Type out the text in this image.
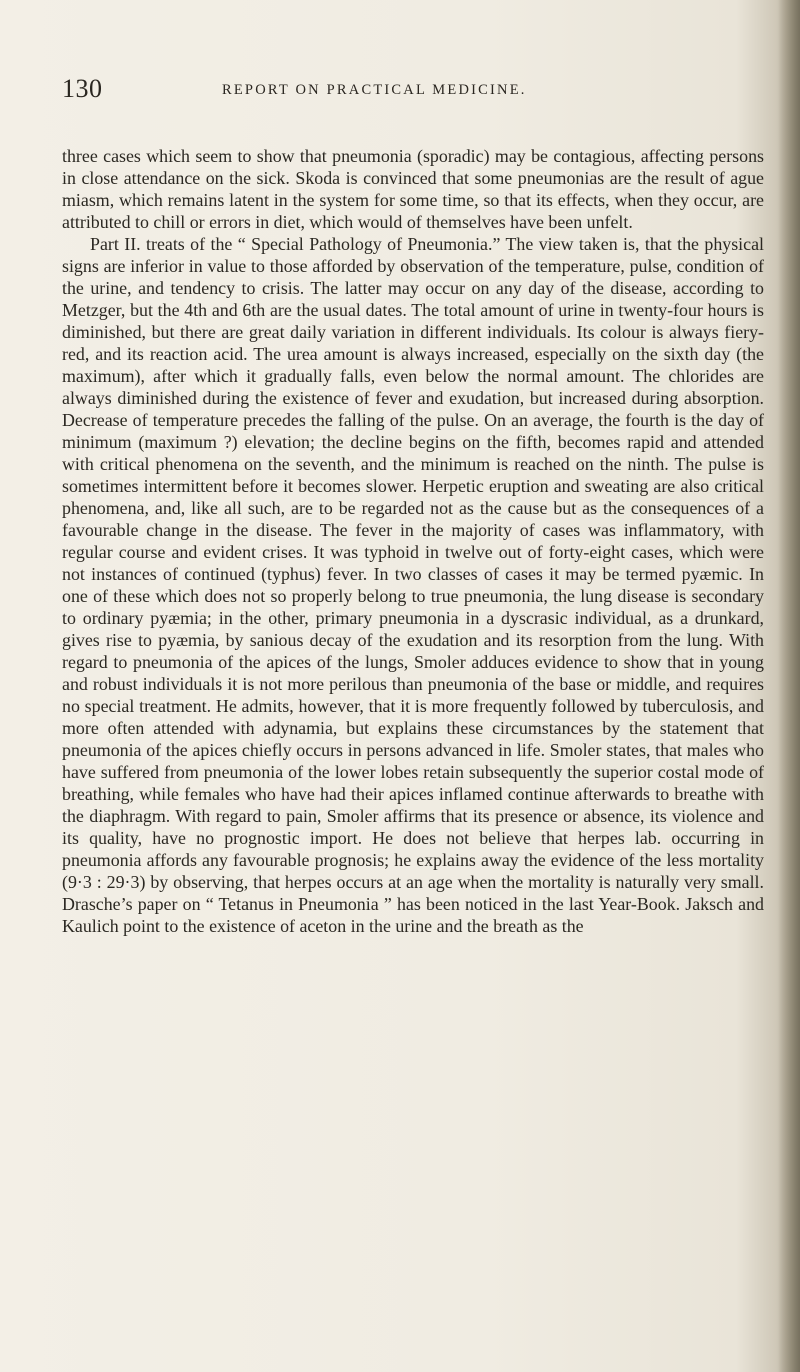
130	REPORT ON PRACTICAL MEDICINE.

three cases which seem to show that pneumonia (sporadic) may be contagious, affecting persons in close attendance on the sick. Skoda is convinced that some pneumonias are the result of ague miasm, which remains latent in the system for some time, so that its effects, when they occur, are attributed to chill or errors in diet, which would of themselves have been unfelt.

Part II. treats of the “ Special Pathology of Pneumonia.” The view taken is, that the physical signs are inferior in value to those afforded by observation of the temperature, pulse, condition of the urine, and tendency to crisis. The latter may occur on any day of the disease, according to Metzger, but the 4th and 6th are the usual dates. The total amount of urine in twenty-four hours is diminished, but there are great daily variation in different individuals. Its colour is always fiery-red, and its reaction acid. The urea amount is always increased, especially on the sixth day (the maximum), after which it gradually falls, even below the normal amount. The chlorides are always diminished during the existence of fever and exudation, but increased during absorption. Decrease of temperature precedes the falling of the pulse. On an average, the fourth is the day of minimum (maximum ?) elevation; the decline begins on the fifth, becomes rapid and attended with critical phenomena on the seventh, and the minimum is reached on the ninth. The pulse is sometimes intermittent before it becomes slower. Herpetic eruption and sweating are also critical phenomena, and, like all such, are to be regarded not as the cause but as the consequences of a favourable change in the disease. The fever in the majority of cases was inflammatory, with regular course and evident crises. It was typhoid in twelve out of forty-eight cases, which were not instances of continued (typhus) fever. In two classes of cases it may be termed pyæmic. In one of these which does not so properly belong to true pneumonia, the lung disease is secondary to ordinary pyæmia; in the other, primary pneumonia in a dyscrasic individual, as a drunkard, gives rise to pyæmia, by sanious decay of the exudation and its resorption from the lung. With regard to pneumonia of the apices of the lungs, Smoler adduces evidence to show that in young and robust individuals it is not more perilous than pneumonia of the base or middle, and requires no special treatment. He admits, however, that it is more frequently followed by tuberculosis, and more often attended with adynamia, but explains these circumstances by the statement that pneumonia of the apices chiefly occurs in persons advanced in life. Smoler states, that males who have suffered from pneumonia of the lower lobes retain subsequently the superior costal mode of breathing, while females who have had their apices inflamed continue afterwards to breathe with the diaphragm. With regard to pain, Smoler affirms that its presence or absence, its violence and its quality, have no prognostic import. He does not believe that herpes lab. occurring in pneumonia affords any favourable prognosis; he explains away the evidence of the less mortality (9·3 : 29·3) by observing, that herpes occurs at an age when the mortality is naturally very small. Drasche’s paper on “ Tetanus in Pneumonia ” has been noticed in the last Year-Book. Jaksch and Kaulich point to the existence of aceton in the urine and the breath as the
